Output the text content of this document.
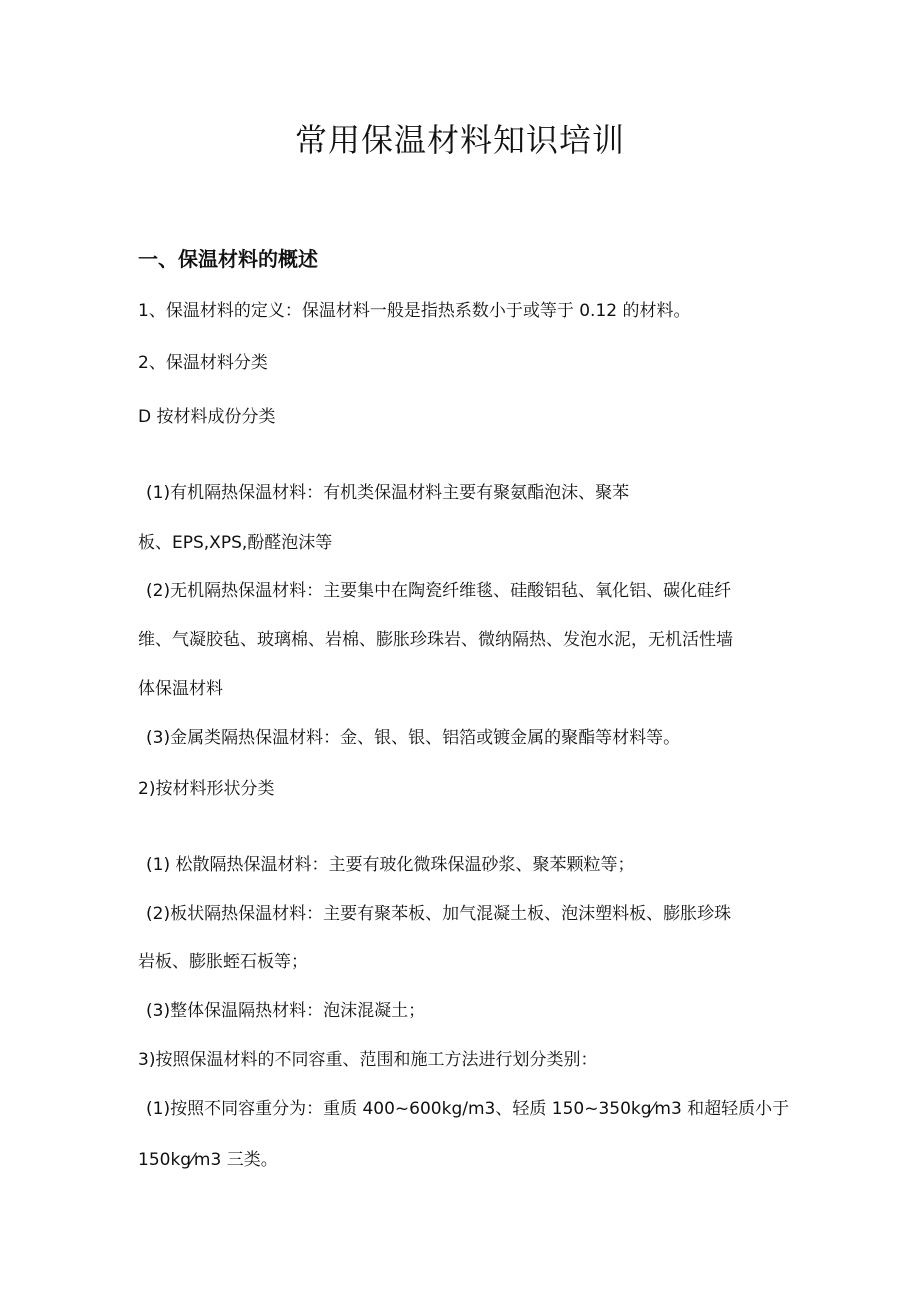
常用保温材料知识培训

一、保温材料的概述

1、保温材料的定义：保温材料一般是指热系数小于或等于 0.12 的材料。

2、保温材料分类

D 按材料成份分类

(1)有机隔热保温材料：有机类保温材料主要有聚氨酯泡沫、聚苯

板、EPS,XPS,酚醛泡沫等

(2)无机隔热保温材料：主要集中在陶瓷纤维毯、硅酸铝毡、氧化铝、碳化硅纤

维、气凝胶毡、玻璃棉、岩棉、膨胀珍珠岩、微纳隔热、发泡水泥，无机活性墙

体保温材料

(3)金属类隔热保温材料：金、银、银、铝箔或镀金属的聚酯等材料等。

2)按材料形状分类

(1) 松散隔热保温材料：主要有玻化微珠保温砂浆、聚苯颗粒等；

(2)板状隔热保温材料：主要有聚苯板、加气混凝土板、泡沫塑料板、膨胀珍珠

岩板、膨胀蛭石板等；

(3)整体保温隔热材料：泡沫混凝土；

3)按照保温材料的不同容重、范围和施工方法进行划分类别：

(1)按照不同容重分为：重质 400~600kg/m3、轻质 150~350kg⁄m3 和超轻质小于

150kg⁄m3 三类。
